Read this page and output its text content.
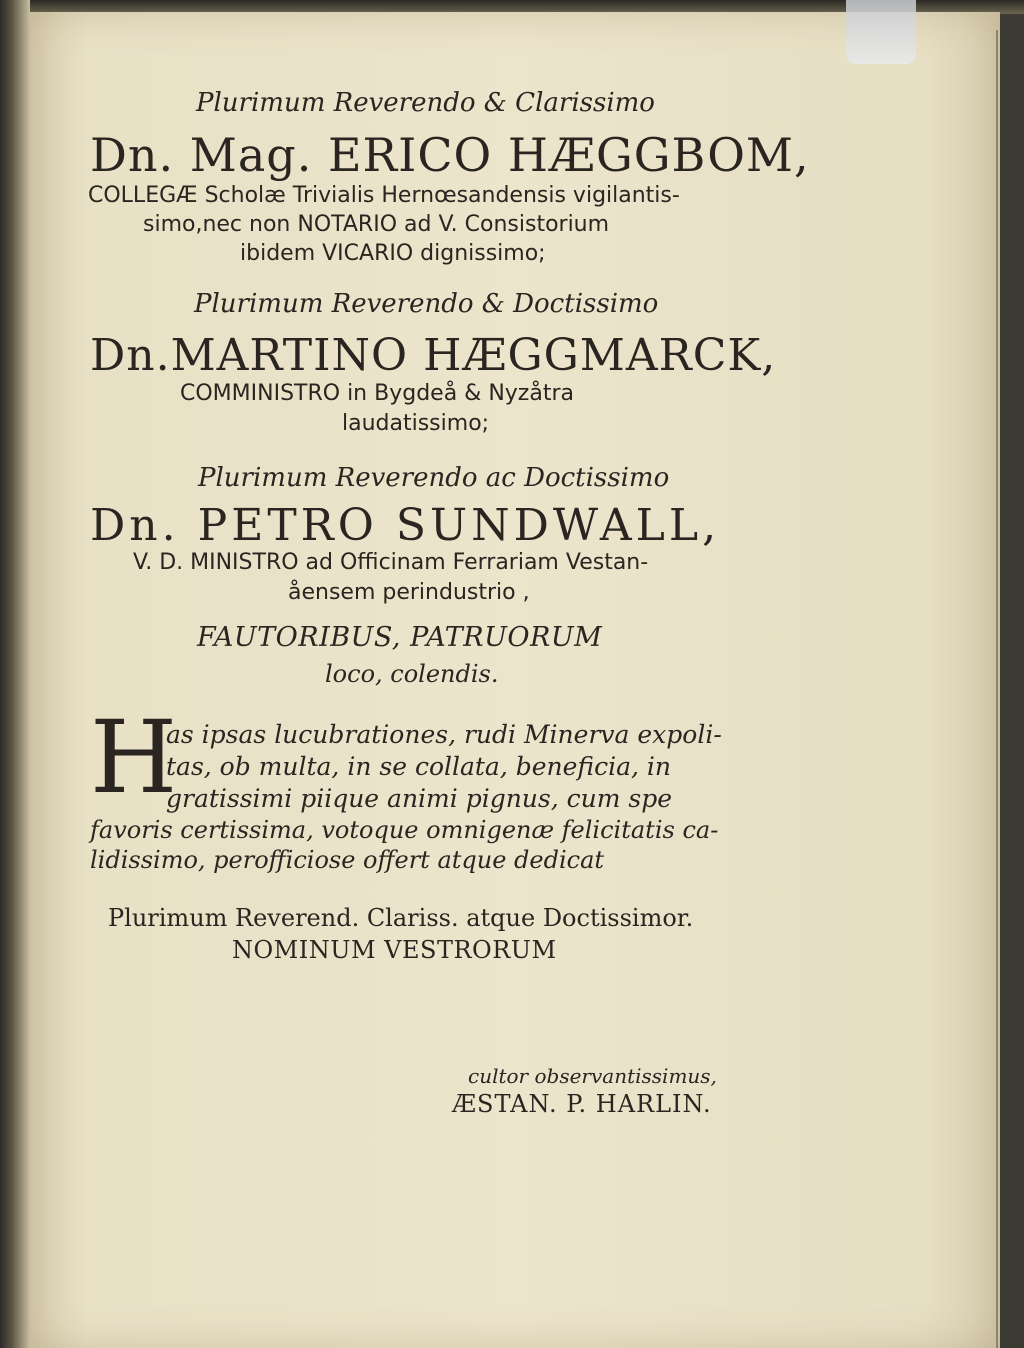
Plurimum Reverendo & Clarissimo
Dn. Mag. ERICO HÆGGBOM,
COLLEGÆ Scholæ Trivialis Hernœsandensis vigilantis-
simo,nec non NOTARIO ad V. Consistorium
ibidem VICARIO dignissimo;
Plurimum Reverendo & Doctissimo
Dn.MARTINO HÆGGMARCK,
COMMINISTRO in Bygdeå & Nyzåtra
laudatissimo;
Plurimum Reverendo ac Doctissimo
Dn. PETRO SUNDWALL,
V. D. MINISTRO ad Officinam Ferrariam Vestan-
åensem perindustrio ,
FAUTORIBUS, PATRUORUM
loco, colendis.
H
as ipsas lucubrationes, rudi Minerva expoli-
tas, ob multa, in se collata, beneficia, in
gratissimi piique animi pignus, cum spe
favoris certissima, votoque omnigenæ felicitatis ca-
lidissimo, perofficiose offert atque dedicat
Plurimum Reverend. Clariss. atque Doctissimor.
NOMINUM VESTRORUM
cultor observantissimus,
ÆSTAN. P. HARLIN.
